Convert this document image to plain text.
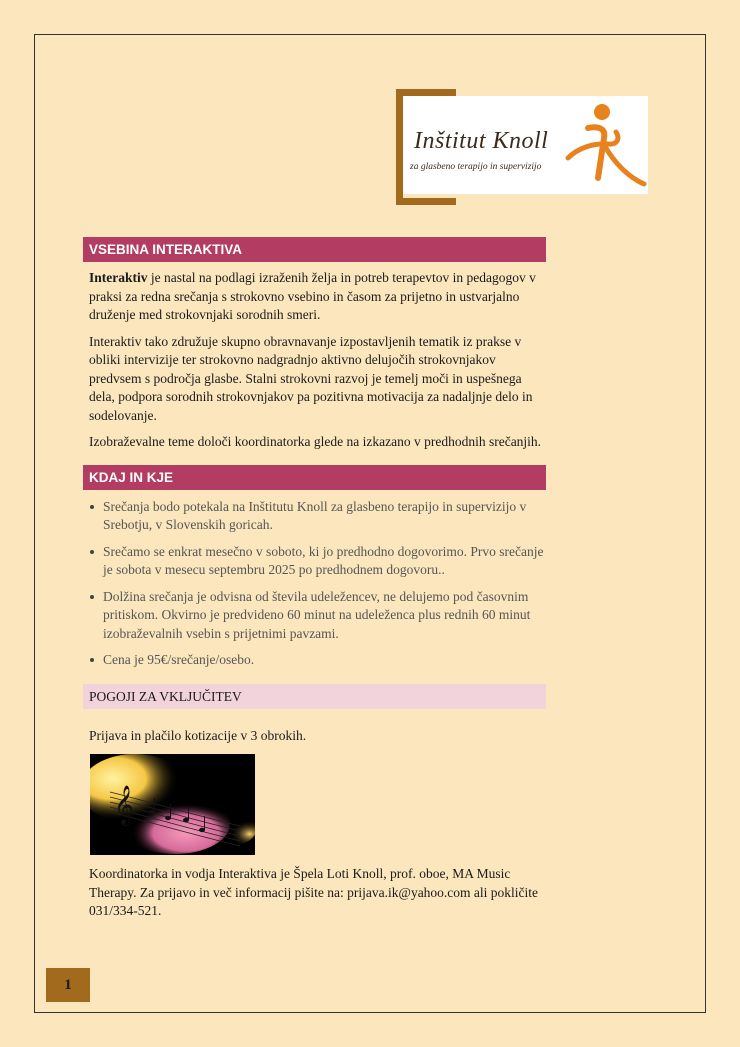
Inštitut Knoll
za glasbeno terapijo in supervizijo
VSEBINA INTERAKTIVA

Interaktiv je nastal na podlagi izraženih želja in potreb terapevtov in pedagogov v praksi za redna srečanja s strokovno vsebino in časom za prijetno in ustvarjalno druženje med strokovnjaki sorodnih smeri.

Interaktiv tako združuje skupno obravnavanje izpostavljenih tematik iz prakse v obliki intervizije ter strokovno nadgradnjo aktivno delujočih strokovnjakov predvsem s področja glasbe. Stalni strokovni razvoj je temelj moči in uspešnega dela, podpora sorodnih strokovnjakov pa pozitivna motivacija za nadaljnje delo in sodelovanje.

Izobraževalne teme določi koordinatorka glede na izkazano v predhodnih srečanjih.

KDAJ IN KJE
Srečanja bodo potekala na Inštitutu Knoll za glasbeno terapijo in supervizijo v Srebotju, v Slovenskih goricah.
Srečamo se enkrat mesečno v soboto, ki jo predhodno dogovorimo. Prvo srečanje je sobota v mesecu septembru 2025 po predhodnem dogovoru..
Dolžina srečanja je odvisna od števila udeležencev, ne delujemo pod časovnim pritiskom. Okvirno je predvideno 60 minut na udeleženca plus rednih 60 minut izobraževalnih vsebin s prijetnimi pavzami.
Cena je 95€/srečanje/osebo.
POGOJI ZA VKLJUČITEV

Prijava in plačilo kotizacije v 3 obrokih.

𝄞

Koordinatorka in vodja Interaktiva je Špela Loti Knoll, prof. oboe, MA Music Therapy. Za prijavo in več informacij pišite na: prijava.ik@yahoo.com ali pokličite 031/334-521.

1
